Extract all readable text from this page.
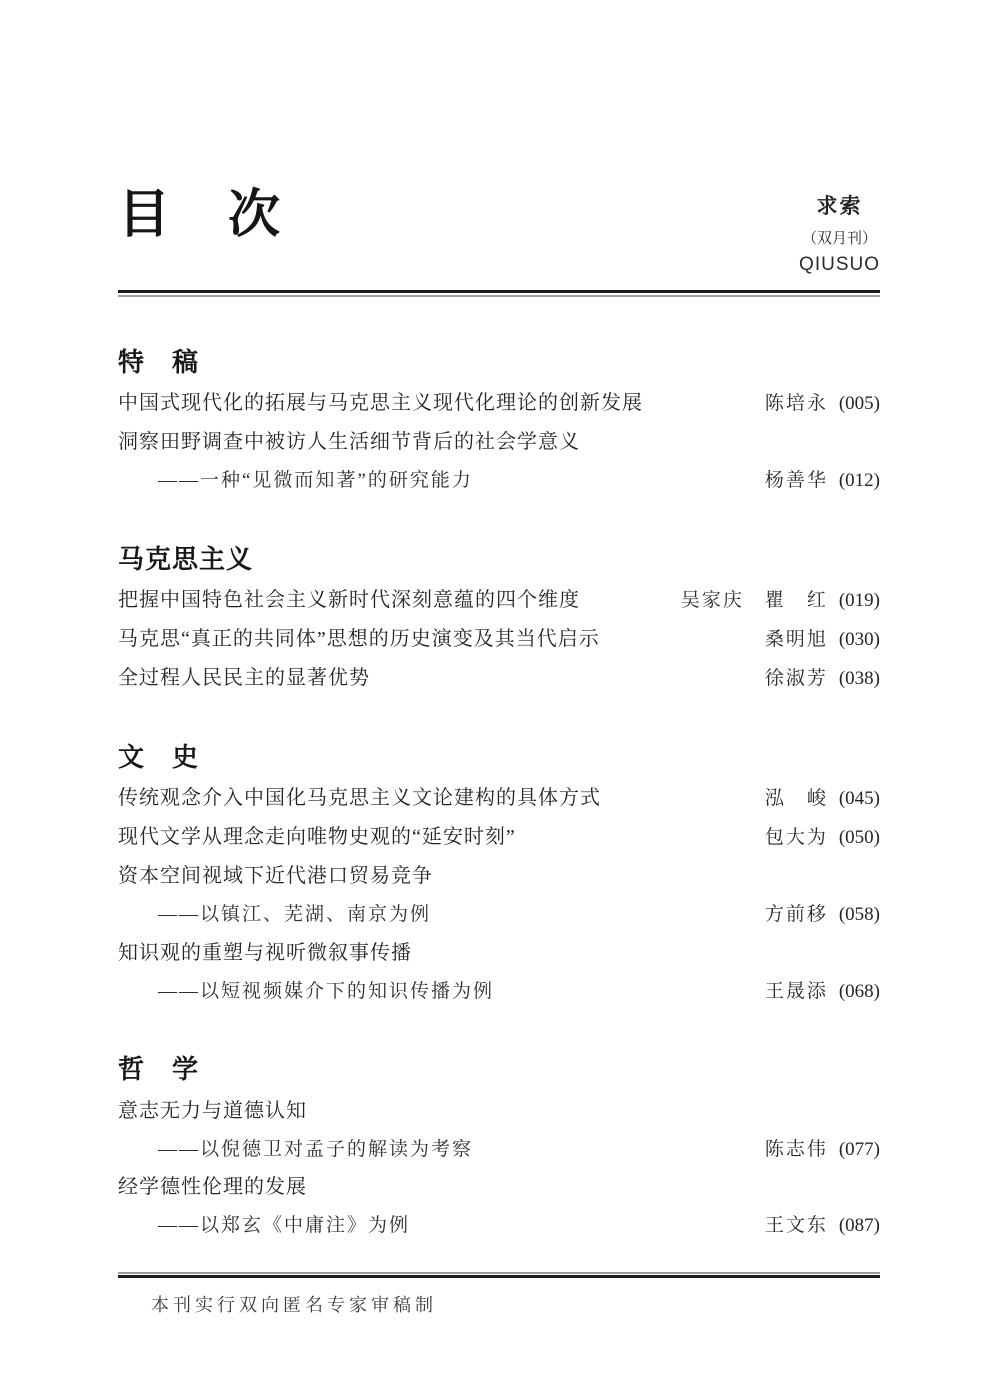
目　次	求索
（双月刊）
QIUSUO
特　稿
中国式现代化的拓展与马克思主义现代化理论的创新发展	陈培永 (005)
洞察田野调查中被访人生活细节背后的社会学意义
——一种“见微而知著”的研究能力	杨善华 (012)
马克思主义
把握中国特色社会主义新时代深刻意蕴的四个维度	吴家庆　瞿　红 (019)
马克思“真正的共同体”思想的历史演变及其当代启示	桑明旭 (030)
全过程人民民主的显著优势	徐淑芳 (038)
文　史
传统观念介入中国化马克思主义文论建构的具体方式	泓　峻 (045)
现代文学从理念走向唯物史观的“延安时刻”	包大为 (050)
资本空间视域下近代港口贸易竞争
——以镇江、芜湖、南京为例	方前移 (058)
知识观的重塑与视听微叙事传播
——以短视频媒介下的知识传播为例	王晟添 (068)
哲　学
意志无力与道德认知
——以倪德卫对孟子的解读为考察	陈志伟 (077)
经学德性伦理的发展
——以郑玄《中庸注》为例	王文东 (087)
本刊实行双向匿名专家审稿制
